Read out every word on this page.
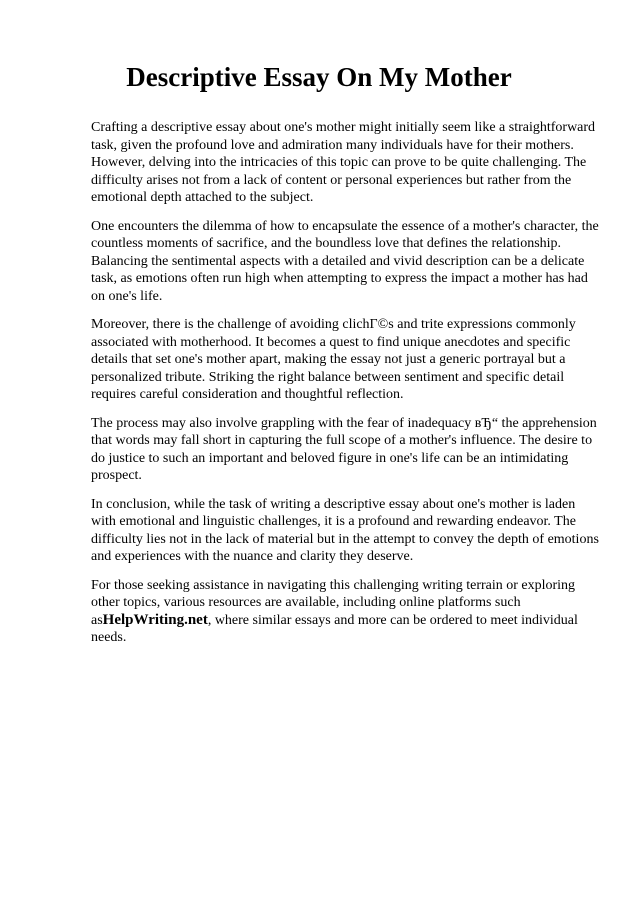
Descriptive Essay On My Mother

Crafting a descriptive essay about one's mother might initially seem like a straightforward task, given the profound love and admiration many individuals have for their mothers. However, delving into the intricacies of this topic can prove to be quite challenging. The difficulty arises not from a lack of content or personal experiences but rather from the emotional depth attached to the subject.

One encounters the dilemma of how to encapsulate the essence of a mother's character, the countless moments of sacrifice, and the boundless love that defines the relationship. Balancing the sentimental aspects with a detailed and vivid description can be a delicate task, as emotions often run high when attempting to express the impact a mother has had on one's life.

Moreover, there is the challenge of avoiding clichГ©s and trite expressions commonly associated with motherhood. It becomes a quest to find unique anecdotes and specific details that set one's mother apart, making the essay not just a generic portrayal but a personalized tribute. Striking the right balance between sentiment and specific detail requires careful consideration and thoughtful reflection.

The process may also involve grappling with the fear of inadequacy вЂ“ the apprehension that words may fall short in capturing the full scope of a mother's influence. The desire to do justice to such an important and beloved figure in one's life can be an intimidating prospect.

In conclusion, while the task of writing a descriptive essay about one's mother is laden with emotional and linguistic challenges, it is a profound and rewarding endeavor. The difficulty lies not in the lack of material but in the attempt to convey the depth of emotions and experiences with the nuance and clarity they deserve.

For those seeking assistance in navigating this challenging writing terrain or exploring other topics, various resources are available, including online platforms such asHelpWriting.net, where similar essays and more can be ordered to meet individual needs.
